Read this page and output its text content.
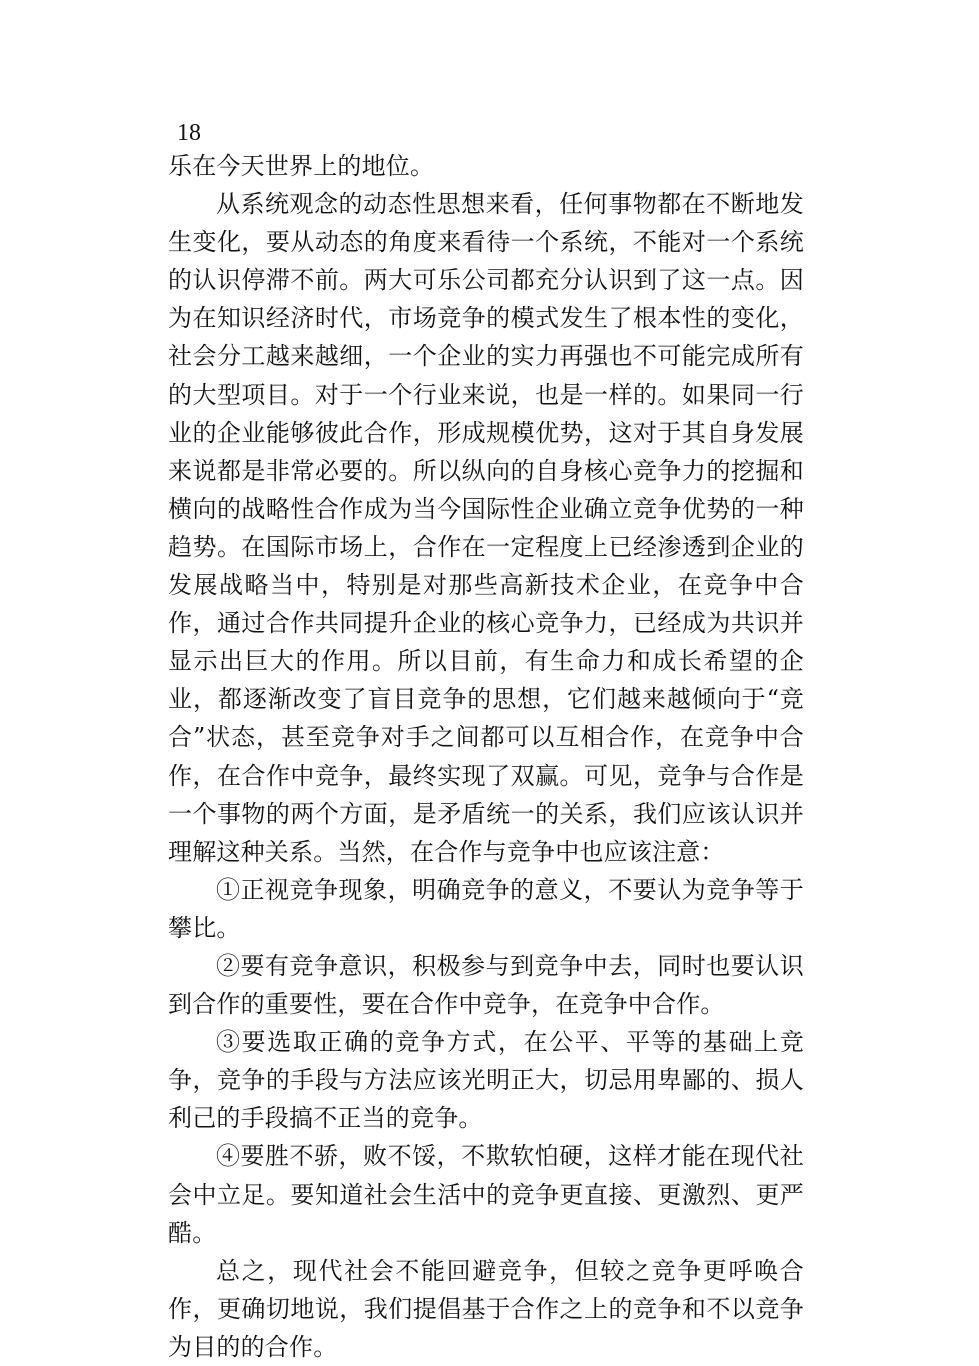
18

乐在今天世界上的地位。

从系统观念的动态性思想来看，任何事物都在不断地发生变化，要从动态的角度来看待一个系统，不能对一个系统的认识停滞不前。两大可乐公司都充分认识到了这一点。因为在知识经济时代，市场竞争的模式发生了根本性的变化，社会分工越来越细，一个企业的实力再强也不可能完成所有的大型项目。对于一个行业来说，也是一样的。如果同一行业的企业能够彼此合作，形成规模优势，这对于其自身发展来说都是非常必要的。所以纵向的自身核心竞争力的挖掘和横向的战略性合作成为当今国际性企业确立竞争优势的一种趋势。在国际市场上，合作在一定程度上已经渗透到企业的发展战略当中，特别是对那些高新技术企业，在竞争中合作，通过合作共同提升企业的核心竞争力，已经成为共识并显示出巨大的作用。所以目前，有生命力和成长希望的企业，都逐渐改变了盲目竞争的思想，它们越来越倾向于“竞合”状态，甚至竞争对手之间都可以互相合作，在竞争中合作，在合作中竞争，最终实现了双赢。可见，竞争与合作是一个事物的两个方面，是矛盾统一的关系，我们应该认识并理解这种关系。当然，在合作与竞争中也应该注意：

①正视竞争现象，明确竞争的意义，不要认为竞争等于攀比。

②要有竞争意识，积极参与到竞争中去，同时也要认识到合作的重要性，要在合作中竞争，在竞争中合作。

③要选取正确的竞争方式，在公平、平等的基础上竞争，竞争的手段与方法应该光明正大，切忌用卑鄙的、损人利己的手段搞不正当的竞争。

④要胜不骄，败不馁，不欺软怕硬，这样才能在现代社会中立足。要知道社会生活中的竞争更直接、更激烈、更严酷。

总之，现代社会不能回避竞争，但较之竞争更呼唤合作，更确切地说，我们提倡基于合作之上的竞争和不以竞争为目的的合作。
